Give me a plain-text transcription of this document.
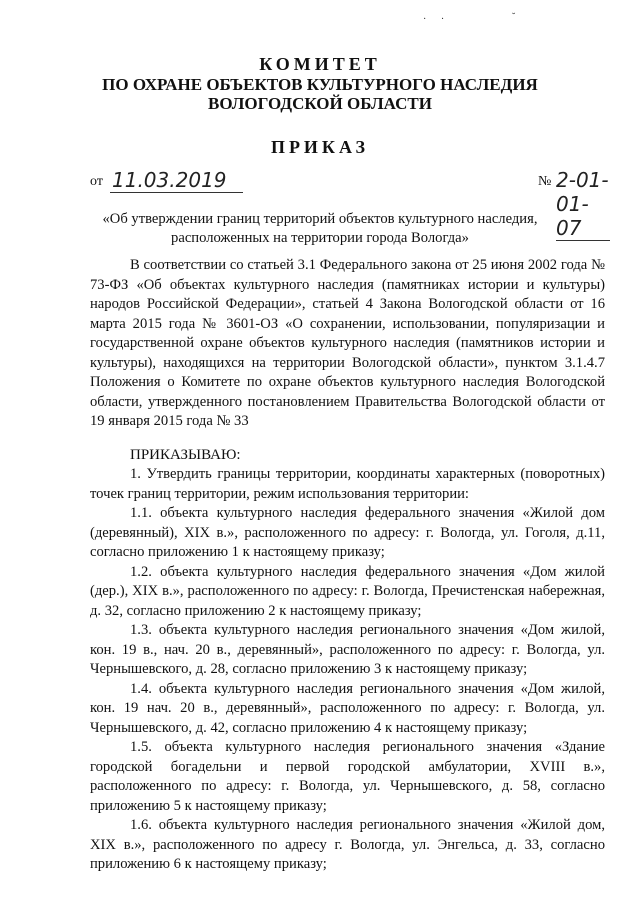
· ·	˘
КОМИТЕТ
ПО ОХРАНЕ ОБЪЕКТОВ КУЛЬТУРНОГО НАСЛЕДИЯ
ВОЛОГОДСКОЙ ОБЛАСТИ
ПРИКАЗ
от 11.03.2019	№ 2-01-01-07
«Об утверждении границ территорий объектов культурного наследия,
расположенных на территории города Вологда»

В соответствии со статьей 3.1 Федерального закона от 25 июня 2002 года № 73-ФЗ «Об объектах культурного наследия (памятниках истории и культуры) народов Российской Федерации», статьей 4 Закона Вологодской области от 16 марта 2015 года № 3601-ОЗ «О сохранении, использовании, популяризации и государственной охране объектов культурного наследия (памятников истории и культуры), находящихся на территории Вологодской области», пунктом 3.1.4.7 Положения о Комитете по охране объектов культурного наследия Вологодской области, утвержденного постановлением Правительства Вологодской области от 19 января 2015 года № 33

ПРИКАЗЫВАЮ:

1. Утвердить границы территории, координаты характерных (поворотных) точек границ территории, режим использования территории:

1.1. объекта культурного наследия федерального значения «Жилой дом (деревянный), XIX в.», расположенного по адресу: г. Вологда, ул. Гоголя, д.11, согласно приложению 1 к настоящему приказу;

1.2. объекта культурного наследия федерального значения «Дом жилой (дер.), XIX в.», расположенного по адресу: г. Вологда, Пречистенская набережная, д. 32, согласно приложению 2 к настоящему приказу;

1.3. объекта культурного наследия регионального значения «Дом жилой, кон. 19 в., нач. 20 в., деревянный», расположенного по адресу: г. Вологда, ул. Чернышевского, д. 28, согласно приложению 3 к настоящему приказу;

1.4. объекта культурного наследия регионального значения «Дом жилой, кон. 19 нач. 20 в., деревянный», расположенного по адресу: г. Вологда, ул. Чернышевского, д. 42, согласно приложению 4 к настоящему приказу;

1.5. объекта культурного наследия регионального значения «Здание городской богадельни и первой городской амбулатории, XVIII в.», расположенного по адресу: г. Вологда, ул. Чернышевского, д. 58, согласно приложению 5 к настоящему приказу;

1.6. объекта культурного наследия регионального значения «Жилой дом, XIX в.», расположенного по адресу г. Вологда, ул. Энгельса, д. 33, согласно приложению 6 к настоящему приказу;
